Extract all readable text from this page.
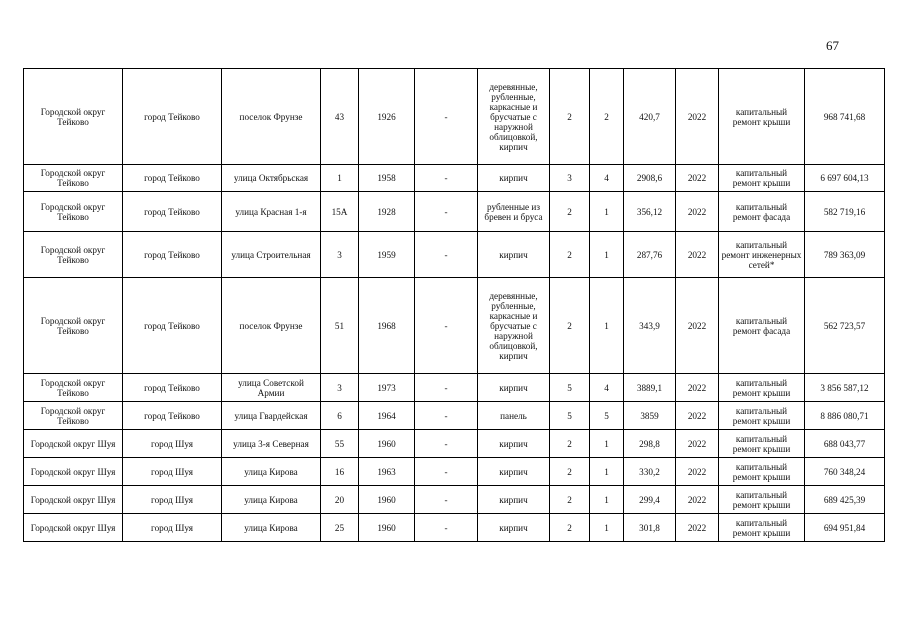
67
Городской округ Тейково	город Тейково	поселок Фрунзе	43	1926	-	деревянные, рубленные, каркасные и брусчатые с наружной облицовкой, кирпич	2	2	420,7	2022	капитальный ремонт крыши	968 741,68
Городской округ Тейково	город Тейково	улица Октябрьская	1	1958	-	кирпич	3	4	2908,6	2022	капитальный ремонт крыши	6 697 604,13
Городской округ Тейково	город Тейково	улица Красная 1-я	15А	1928	-	рубленные из бревен и бруса	2	1	356,12	2022	капитальный ремонт фасада	582 719,16
Городской округ Тейково	город Тейково	улица Строительная	3	1959	-	кирпич	2	1	287,76	2022	капитальный ремонт инженерных сетей*	789 363,09
Городской округ Тейково	город Тейково	поселок Фрунзе	51	1968	-	деревянные, рубленные, каркасные и брусчатые с наружной облицовкой, кирпич	2	1	343,9	2022	капитальный ремонт фасада	562 723,57
Городской округ Тейково	город Тейково	улица Советской Армии	3	1973	-	кирпич	5	4	3889,1	2022	капитальный ремонт крыши	3 856 587,12
Городской округ Тейково	город Тейково	улица Гвардейская	6	1964	-	панель	5	5	3859	2022	капитальный ремонт крыши	8 886 080,71
Городской округ Шуя	город Шуя	улица 3-я Северная	55	1960	-	кирпич	2	1	298,8	2022	капитальный ремонт крыши	688 043,77
Городской округ Шуя	город Шуя	улица Кирова	16	1963	-	кирпич	2	1	330,2	2022	капитальный ремонт крыши	760 348,24
Городской округ Шуя	город Шуя	улица Кирова	20	1960	-	кирпич	2	1	299,4	2022	капитальный ремонт крыши	689 425,39
Городской округ Шуя	город Шуя	улица Кирова	25	1960	-	кирпич	2	1	301,8	2022	капитальный ремонт крыши	694 951,84
